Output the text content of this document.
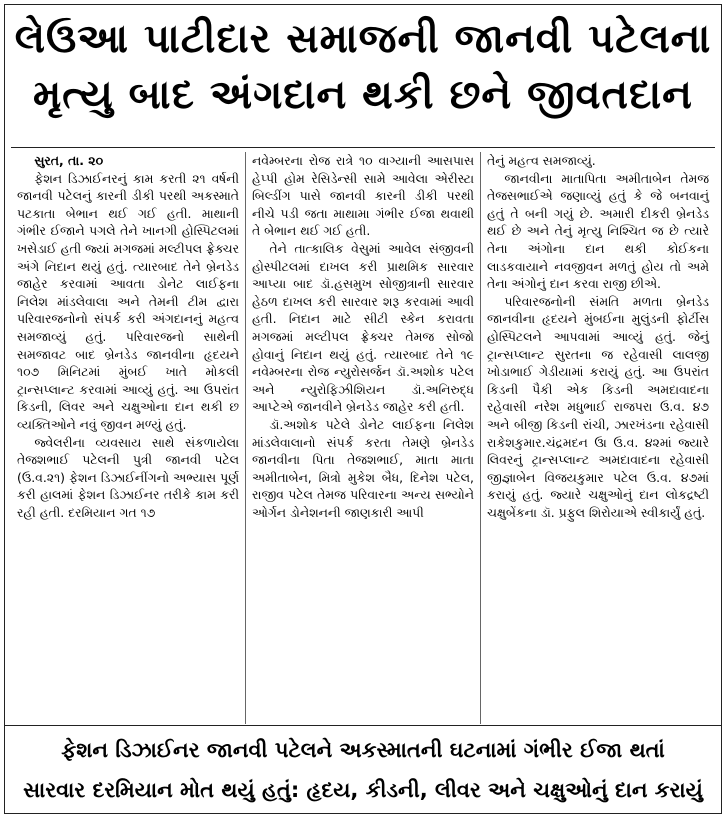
લેઉઆ પાટીદાર સમાજની જાનવી પટેલના
મૃત્યુ બાદ અંગદાન થકી છને જીવતદાન

સુરત, તા. ૨૦

ફેશન ડિઝાઈનરનું કામ કરતી ૨૧ વર્ષની જાનવી પટેલનું કારની ડીકી પરથી અકસ્માતે પટકાતા બેભાન થઈ ગઈ હતી. માથાની ગંભીર ઈજાને પગલે તેને ખાનગી હોસ્પિટલમાં ખસેડાઈ હતી જ્યાં મગજમાં મલ્ટીપલ ફ્રેક્ચર અંગે નિદાન થયું હતું. ત્યારબાદ તેને બ્રેનડેડ જાહેર કરવામાં આવતા ડોનેટ લાઈફના નિલેશ માંડલેવાલા અને તેમની ટીમ દ્વારા પરિવારજનોનો સંપર્ક કરી અંગદાનનું મહત્વ સમજાવ્યું હતું. પરિવારજનો સાથેની સમજાવટ બાદ બ્રેનડેડ જાનવીના હૃદયને ૧૦૭ મિનિટમાં મુંબઈ ખાતે મોકલી ટ્રાન્સપ્લાન્ટ કરવામાં આવ્યું હતું. આ ઉપરાંત કિડની, લિવર અને ચક્ષુઓના દાન થકી છ વ્યક્તિઓને નવું જીવન મળ્યું હતું.

જ્વેલરીના વ્યવસાય સાથે સંકળાયેલા તેજશભાઈ પટેલની પુત્રી જાનવી પટેલ (ઉ.વ.૨૧) ફેશન ડિઝાઈનીંગનો અભ્યાસ પૂર્ણ કરી હાલમાં ફેશન ડિઝાઈનર તરીકે કામ કરી રહી હતી. દરમિયાન ગત ૧૭

નવેમ્બરના રોજ રાત્રે ૧૦ વાગ્યાની આસપાસ હેપ્પી હોમ રેસિડેન્સી સામે આવેલા એરીસ્ટા બિલ્ડીંગ પાસે જાનવી કારની ડીકી પરથી નીચે પડી જતા માથામા ગંભીર ઈજા થવાથી તે બેભાન થઈ ગઈ હતી.

તેને તાત્કાલિક વેસુમાં આવેલ સંજીવની હોસ્પીટલમાં દાખલ કરી પ્રાથમિક સારવાર આપ્યા બાદ ડૉ.હસમુખ સોજીત્રાની સારવાર હેઠળ દાખલ કરી સારવાર શરૂ કરવામાં આવી હતી. નિદાન માટે સીટી સ્કેન કરાવતા મગજમાં મલ્ટીપલ ફ્રેક્ચર તેમજ સોજો હોવાનું નિદાન થયું હતું. ત્યારબાદ તેને ૧૯ નવેમ્બરના રોજ ન્યુરોસર્જન ડૉ.અશોક પટેલ અને ન્યુરોફિઝીશિયન ડૉ.અનિરુદ્ધ આપ્ટેએ જાનવીને બ્રેનડેડ જાહેર કરી હતી.

ડૉ.અશોક પટેલે ડોનેટ લાઈફના નિલેશ માંડલેવાલાનો સંપર્ક કરતા તેમણે બ્રેનડેડ જાનવીના પિતા તેજશભાઈ, માતા માતા અમીતાબેન, મિત્રો મુકેશ બૈધ, દિનેશ પટેલ, રાજીવ પટેલ તેમજ પરિવારના અન્ય સભ્યોને ઓર્ગન ડોનેશનની જાણકારી આપી

તેનું મહત્વ સમજાવ્યું.

જાનવીના માતાપિતા અમીતાબેન તેમજ તેજસભાઈએ જણાવ્યું હતું કે જે બનવાનું હતું તે બની ગયું છે. અમારી દીકરી બ્રેનડેડ થઈ છે અને તેનું મૃત્યુ નિશ્ચિત જ છે ત્યારે તેના અંગોના દાન થકી કોઈકના લાડકવાયાને નવજીવન મળતું હોય તો અમે તેના અંગોનું દાન કરવા રાજી છીએ.

પરિવારજનોની સંમતિ મળતા બ્રેનડેડ જાનવીના હૃદયને મુંબઈના મુલુંડની ફોર્ટીસ હોસ્પિટલને આપવામાં આવ્યું હતું. જેનું ટ્રાન્સપ્લાન્ટ સુરતના જ રહેવાસી લાલજી ખોડાભાઈ ગેડીયામાં કરાયું હતું. આ ઉપરાંત કિડની પૈકી એક કિડની અમદાવાદના રહેવાસી નરેશ મધુભાઈ રાજપરા ઉ.વ. ૪૭ અને બીજી કિડની રાંચી, ઝારખંડના રહેવાસી રાકેશકુમાર.ચંદ્રમદન ઉા ઉ.વ. ૪૨માં જ્યારે લિવરનું ટ્રાન્સપ્લાન્ટ અમદાવાદના રહેવાસી જીજ્ઞાબેન વિજયકુમાર પટેલ ઉ.વ. ૪૭માં કરાયું હતું. જ્યારે ચક્ષુઓનું દાન લોકદ્રષ્ટી ચક્ષુબેંકના ડૉ. પ્રફુલ શિરોયાએ સ્વીકાર્યું હતું.

ફેશન ડિઝાઈનર જાનવી પટેલને અકસ્માતની ઘટનામાં ગંભીર ઈજા થતાં
સારવાર દરમિયાન મોત થયું હતું: હૃદય, કીડની, લીવર અને ચક્ષુઓનું દાન કરાયું
